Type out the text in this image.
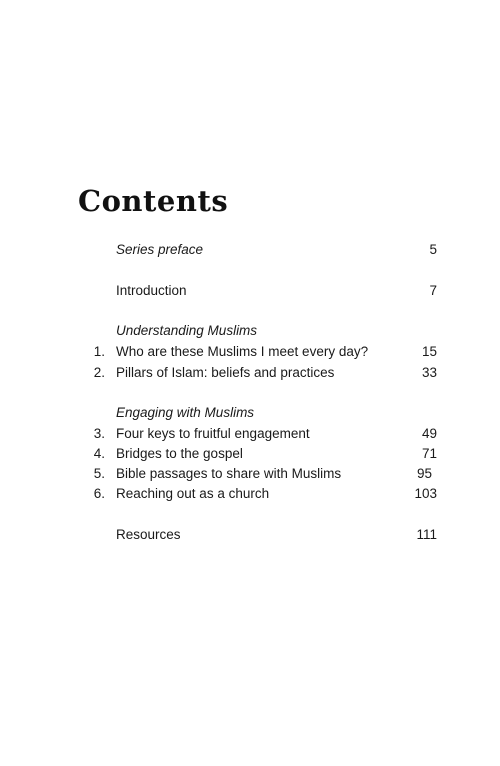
Contents
Series preface	5
Introduction	7
Understanding Muslims
1. Who are these Muslims I meet every day?	15
2. Pillars of Islam: beliefs and practices	33
Engaging with Muslims
3. Four keys to fruitful engagement	49
4. Bridges to the gospel	71
5. Bible passages to share with Muslims	95
6. Reaching out as a church	103
Resources	111
